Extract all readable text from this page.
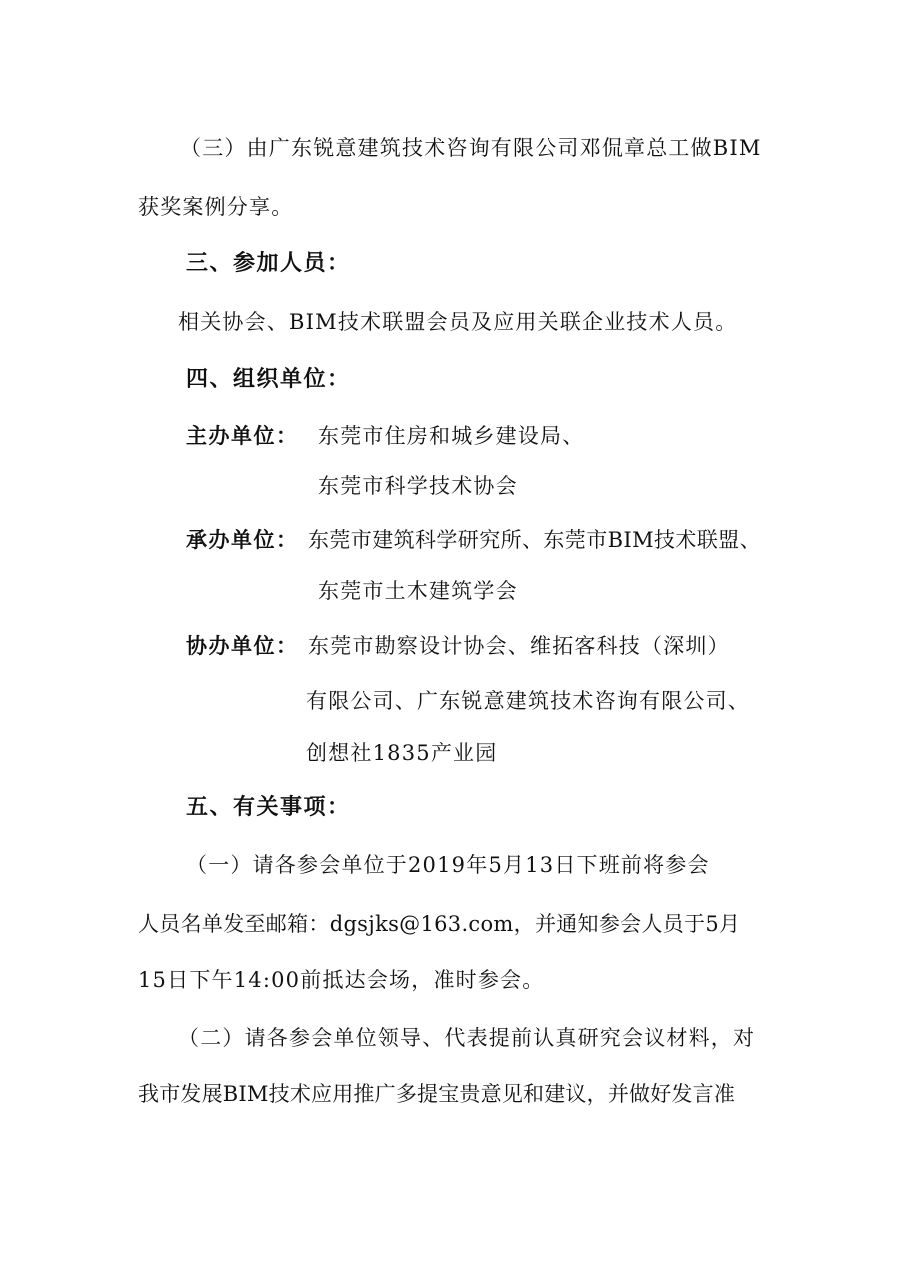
（三）由广东锐意建筑技术咨询有限公司邓侃章总工做BIM
获奖案例分享。
三、参加人员：
相关协会、BIM技术联盟会员及应用关联企业技术人员。
四、组织单位：
主办单位： 东莞市住房和城乡建设局、
东莞市科学技术协会
承办单位： 东莞市建筑科学研究所、东莞市BIM技术联盟、
东莞市土木建筑学会
协办单位： 东莞市勘察设计协会、维拓客科技（深圳）
有限公司、广东锐意建筑技术咨询有限公司、
创想社1835产业园
五、有关事项：
（一）请各参会单位于2019年5月13日下班前将参会
人员名单发至邮箱：dgsjks@163.com，并通知参会人员于5月
15日下午14:00前抵达会场，准时参会。
（二）请各参会单位领导、代表提前认真研究会议材料，对
我市发展BIM技术应用推广多提宝贵意见和建议，并做好发言准
